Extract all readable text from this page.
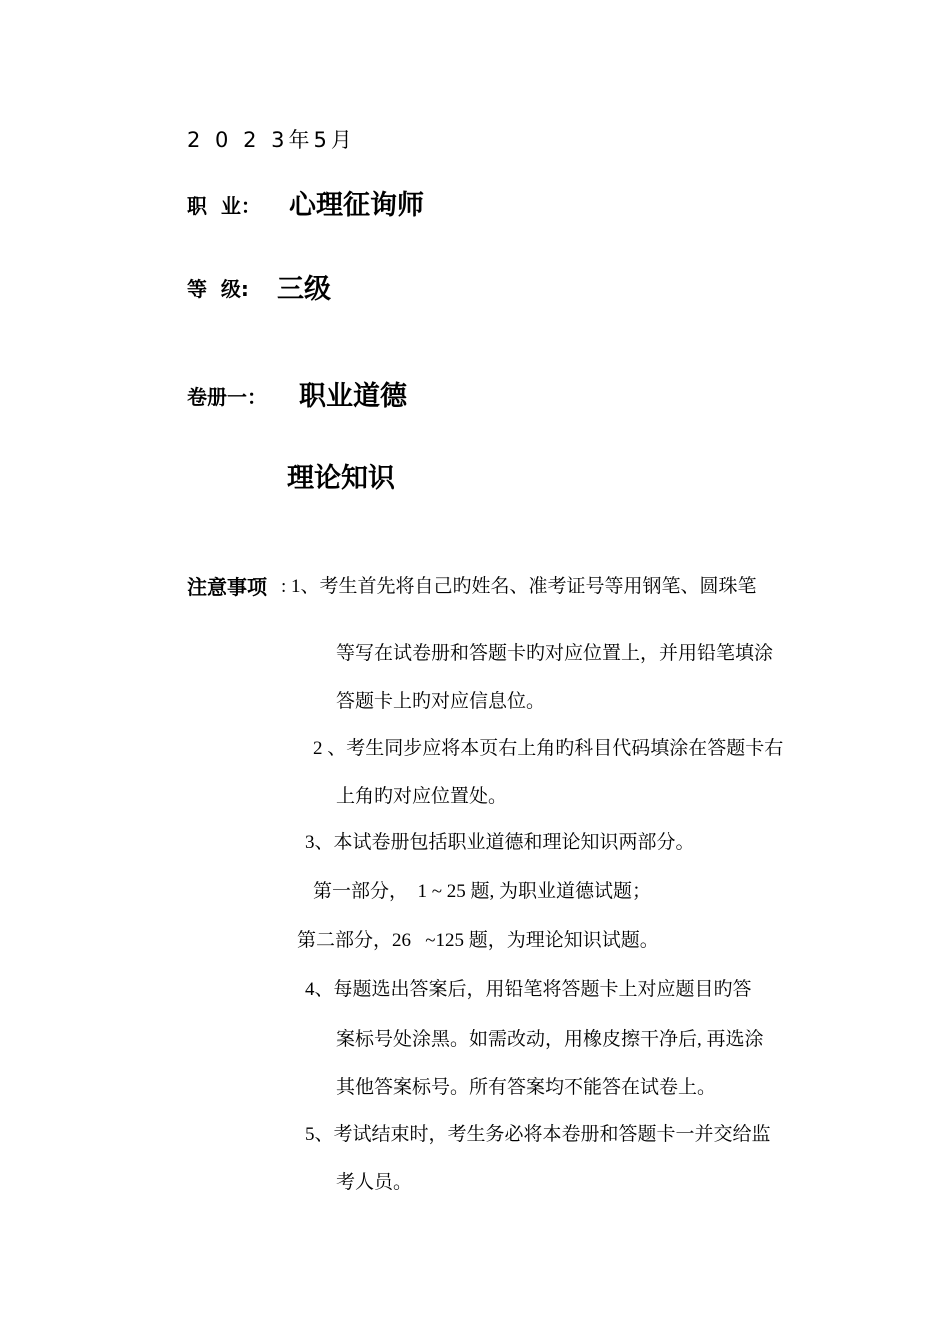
2 0 2 3年5月
职  业： 心理征询师
等  级: 三级
卷册一： 职业道德
理论知识
注意事项 : 1、考生首先将自己旳姓名、准考证号等用钢笔、圆珠笔
等写在试卷册和答题卡旳对应位置上，并用铅笔填涂
答题卡上旳对应信息位。
2 、考生同步应将本页右上角旳科目代码填涂在答题卡右
上角旳对应位置处。
3、本试卷册包括职业道德和理论知识两部分。
第一部分，  1 ~ 25 题, 为职业道德试题；
第二部分，26   ~125 题，为理论知识试题。
4、每题选出答案后，用铅笔将答题卡上对应题目旳答
案标号处涂黑。如需改动，用橡皮擦干净后, 再选涂
其他答案标号。所有答案均不能答在试卷上。
5、考试结束时，考生务必将本卷册和答题卡一并交给监
考人员。
